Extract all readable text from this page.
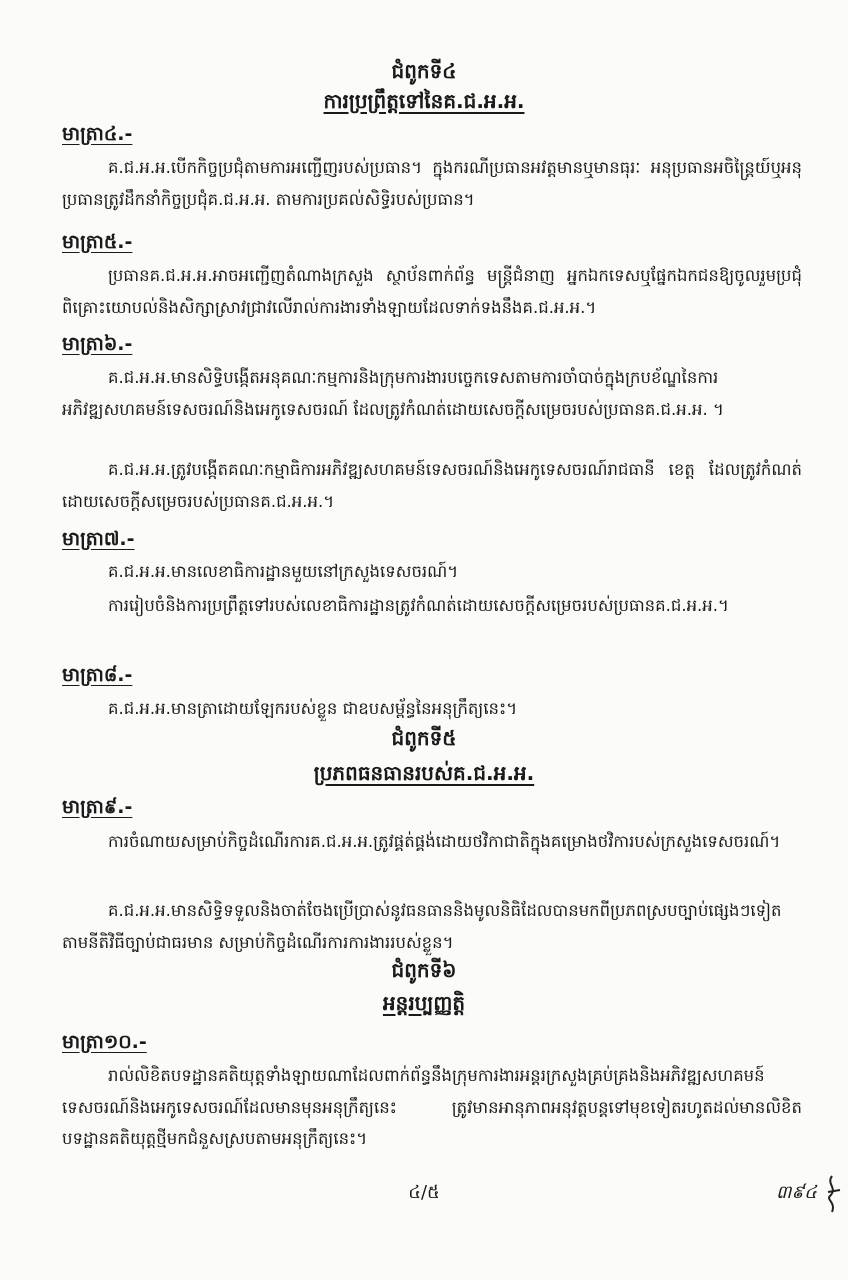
ជំពូកទី៤
ការប្រព្រឹត្តទៅនៃគ.ជ.អ.អ.
មាត្រា៤.-
គ.ជ.អ.អ.បើកកិច្ចប្រជុំតាមការអញ្ជើញរបស់ប្រធាន។ ក្នុងករណីប្រធានអវត្តមានឬមានធុរៈ អនុប្រធានអចិន្ត្រៃយ៍ឬអនុប្រធានត្រូវដឹកនាំកិច្ចប្រជុំគ.ជ.អ.អ. តាមការប្រគល់សិទ្ធិរបស់ប្រធាន។
មាត្រា៥.-
ប្រធានគ.ជ.អ.អ.អាចអញ្ជើញតំណាងក្រសួង ស្ថាប័នពាក់ព័ន្ធ មន្ត្រីជំនាញ អ្នកឯកទេសឬផ្នែកឯកជនឱ្យចូលរួមប្រជុំពិគ្រោះយោបល់និងសិក្សាស្រាវជ្រាវលើរាល់ការងារទាំងឡាយដែលទាក់ទងនឹងគ.ជ.អ.អ.។
មាត្រា៦.-
គ.ជ.អ.អ.មានសិទ្ធិបង្កើតអនុគណៈកម្មការនិងក្រុមការងារបច្ចេកទេសតាមការចាំបាច់ក្នុងក្របខ័ណ្ឌនៃការអភិវឌ្ឍសហគមន៍ទេសចរណ៍និងអេកូទេសចរណ៍ ដែលត្រូវកំណត់ដោយសេចក្ដីសម្រេចរបស់ប្រធានគ.ជ.អ.អ. ។
គ.ជ.អ.អ.ត្រូវបង្កើតគណៈកម្មាធិការអភិវឌ្ឍសហគមន៍ទេសចរណ៍និងអេកូទេសចរណ៍រាជធានី ខេត្ត ដែលត្រូវកំណត់ដោយសេចក្ដីសម្រេចរបស់ប្រធានគ.ជ.អ.អ.។
មាត្រា៧.-
គ.ជ.អ.អ.មានលេខាធិការដ្ឋានមួយនៅក្រសួងទេសចរណ៍។
ការរៀបចំនិងការប្រព្រឹត្តទៅរបស់លេខាធិការដ្ឋានត្រូវកំណត់ដោយសេចក្ដីសម្រេចរបស់ប្រធានគ.ជ.អ.អ.។
មាត្រា៨.-
គ.ជ.អ.អ.មានត្រាដោយឡែករបស់ខ្លួន ជាឧបសម្ព័ន្ធនៃអនុក្រឹត្យនេះ។
ជំពូកទី៥
ប្រភពធនធានរបស់គ.ជ.អ.អ.
មាត្រា៩.-
ការចំណាយសម្រាប់កិច្ចដំណើរការគ.ជ.អ.អ.ត្រូវផ្គត់ផ្គង់ដោយថវិកាជាតិក្នុងគម្រោងថវិការបស់ក្រសួងទេសចរណ៍។
គ.ជ.អ.អ.មានសិទ្ធិទទួលនិងចាត់ចែងប្រើប្រាស់នូវធនធាននិងមូលនិធិដែលបានមកពីប្រភពស្របច្បាប់ផ្សេងៗទៀតតាមនីតិវិធីច្បាប់ជាធរមាន សម្រាប់កិច្ចដំណើរការការងាររបស់ខ្លួន។
ជំពូកទី៦
អន្តរប្បញ្ញត្តិ
មាត្រា១០.-
រាល់លិខិតបទដ្ឋានគតិយុត្តទាំងឡាយណាដែលពាក់ព័ន្ធនឹងក្រុមការងារអន្តរក្រសួងគ្រប់គ្រងនិងអភិវឌ្ឍសហគមន៍ទេសចរណ៍និងអេកូទេសចរណ៍ដែលមានមុនអនុក្រឹត្យនេះ ត្រូវមានអានុភាពអនុវត្តបន្តទៅមុខទៀតរហូតដល់មានលិខិតបទដ្ឋានគតិយុត្តថ្មីមកជំនួសស្របតាមអនុក្រឹត្យនេះ។
៤/៥	៣៩៤
